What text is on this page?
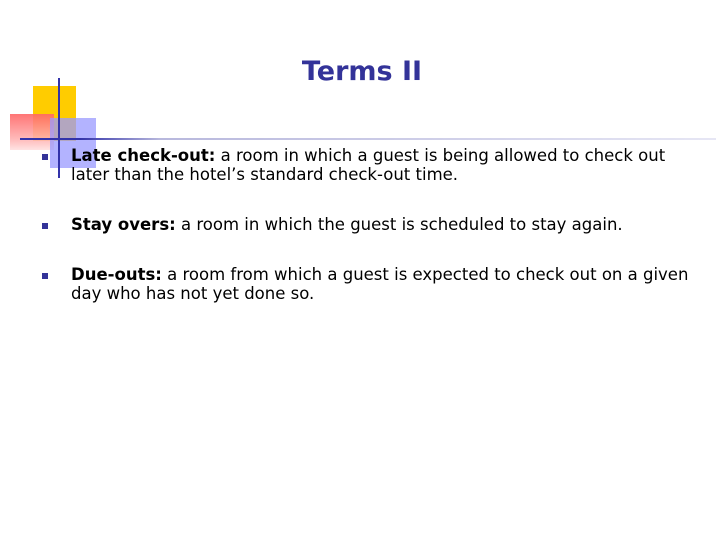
Terms II
Late check-out: a room in which a guest is being allowed to check out later than the hotel’s standard check-out time.
Stay overs: a room in which the guest is scheduled to stay again.
Due-outs: a room from which a guest is expected to check out on a given day who has not yet done so.
